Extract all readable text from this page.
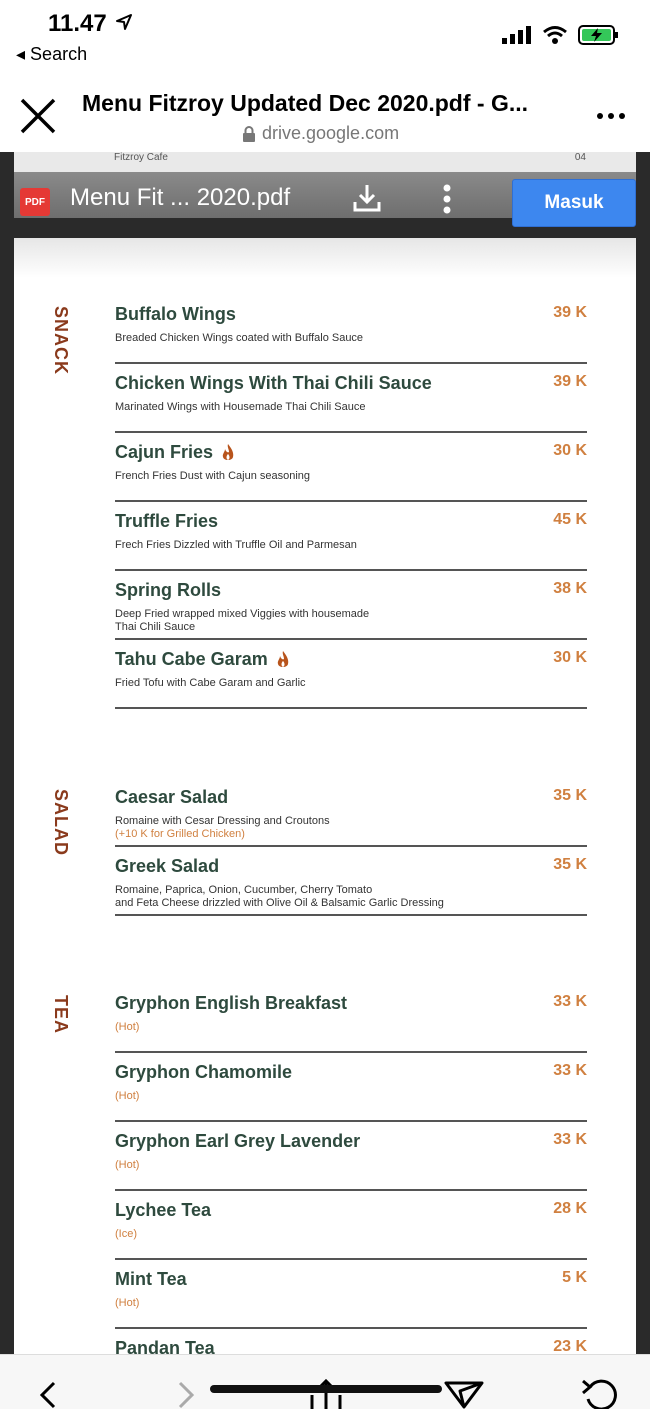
11.47
◂ Search
Menu Fitzroy Updated Dec 2020.pdf - G...
drive.google.com
Fitzroy Cafe	04
PDF Menu Fit ... 2020.pdf	Masuk
SNACK Buffalo Wings	39 K
Breaded Chicken Wings coated with Buffalo Sauce
Chicken Wings With Thai Chili Sauce	39 K
Marinated Wings with Housemade Thai Chili Sauce
Cajun Fries	30 K
French Fries Dust with Cajun seasoning
Truffle Fries	45 K
Frech Fries Dizzled with Truffle Oil and Parmesan
Spring Rolls	38 K
Deep Fried wrapped mixed Viggies with housemade
Thai Chili Sauce
Tahu Cabe Garam	30 K
Fried Tofu with Cabe Garam and Garlic
SALAD Caesar Salad	35 K
Romaine with Cesar Dressing and Croutons
(+10 K for Grilled Chicken)
Greek Salad	35 K
Romaine, Paprica, Onion, Cucumber, Cherry Tomato
and Feta Cheese drizzled with Olive Oil & Balsamic Garlic Dressing
TEA Gryphon English Breakfast	33 K
(Hot)
Gryphon Chamomile	33 K
(Hot)
Gryphon Earl Grey Lavender	33 K
(Hot)
Lychee Tea	28 K
(Ice)
Mint Tea	5 K
(Hot)
Pandan Tea	23 K
